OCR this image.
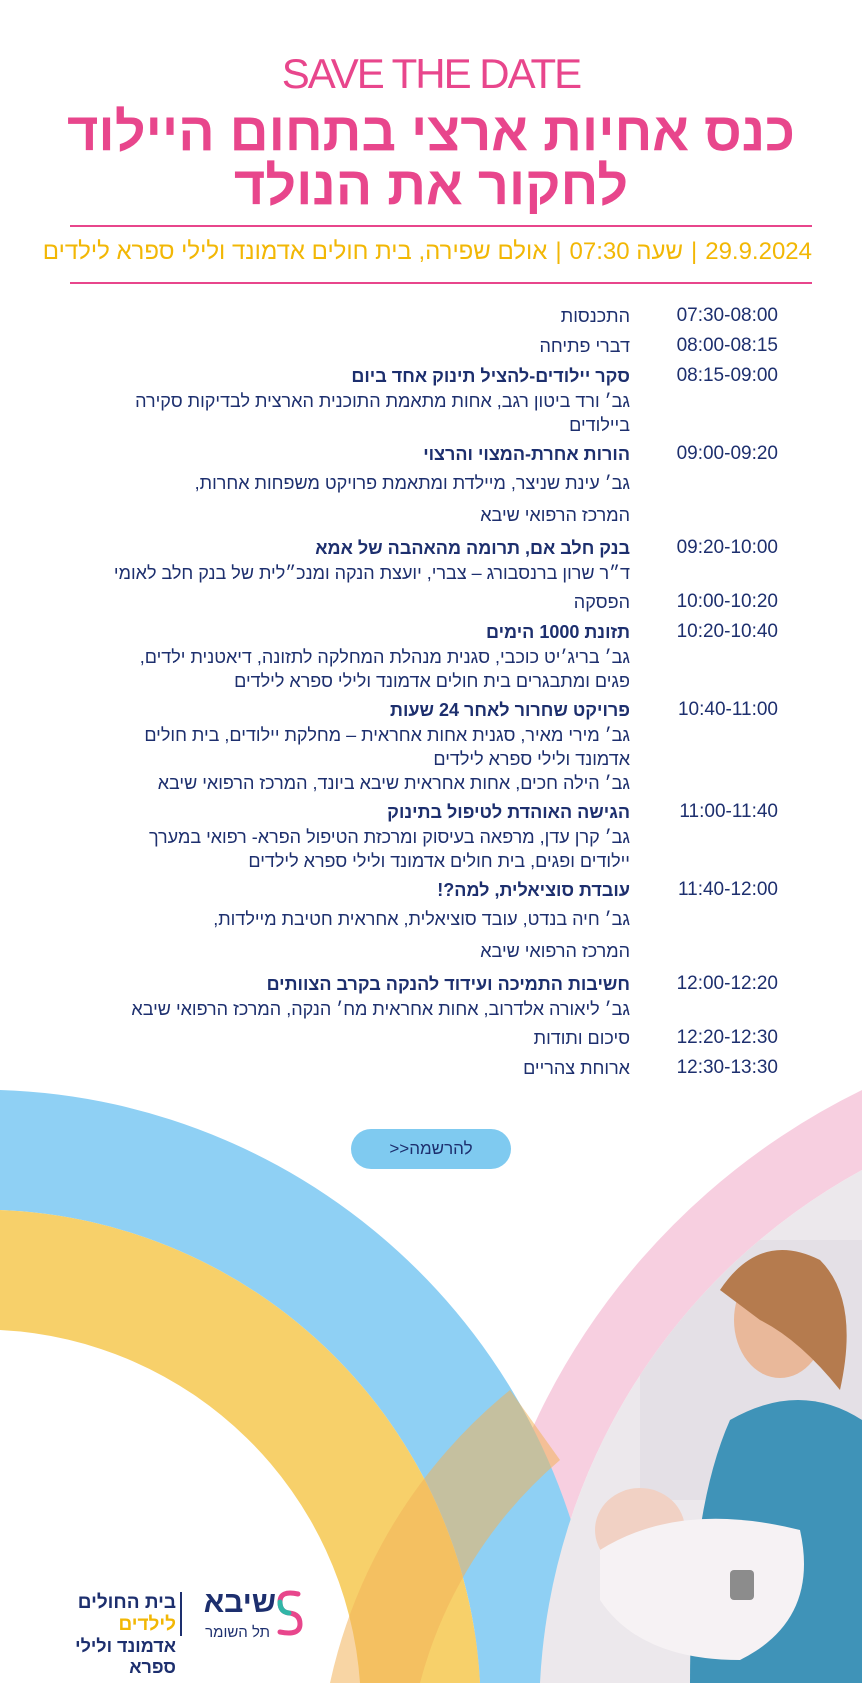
SAVE THE DATE
כנס אחיות ארצי בתחום היילוד
לחקור את הנולד
29.9.2024|שעה 07:30|אולם שפירה, בית חולים אדמונד ולילי ספרא לילדים
07:30-08:00
התכנסות
08:00-08:15
דברי פתיחה
08:15-09:00
סקר יילודים-להציל תינוק אחד ביום
גב׳ ורד ביטון רגב, אחות מתאמת התוכנית הארצית לבדיקות סקירה
ביילודים
09:00-09:20
הורות אחרת-המצוי והרצוי
גב׳ עינת שניצר, מיילדת ומתאמת פרויקט משפחות אחרות,
המרכז הרפואי שיבא
09:20-10:00
בנק חלב אם, תרומה מהאהבה של אמא
ד״ר שרון ברנסבורג – צברי, יועצת הנקה ומנכ״לית של בנק חלב לאומי
10:00-10:20
הפסקה
10:20-10:40
תזונת 1000 הימים
גב׳ בריג׳יט כוכבי, סגנית מנהלת המחלקה לתזונה, דיאטנית ילדים,
פגים ומתבגרים בית חולים אדמונד ולילי ספרא לילדים
10:40-11:00
פרויקט שחרור לאחר 24 שעות
גב׳ מירי מאיר, סגנית אחות אחראית – מחלקת יילודים, בית חולים
אדמונד ולילי ספרא לילדים
גב׳ הילה חכים, אחות אחראית שיבא ביונד, המרכז הרפואי שיבא
11:00-11:40
הגישה האוהדת לטיפול בתינוק
גב׳ קרן עדן, מרפאה בעיסוק ומרכזת הטיפול הפרא- רפואי במערך
יילודים ופגים, בית חולים אדמונד ולילי ספרא לילדים
11:40-12:00
עובדת סוציאלית, למה?!
גב׳ חיה בנדט, עובד סוציאלית, אחראית חטיבת מיילדות,
המרכז הרפואי שיבא
12:00-12:20
חשיבות התמיכה ועידוד להנקה בקרב הצוותים
גב׳ ליאורה אלדרוב, אחות אחראית מח׳ הנקה, המרכז הרפואי שיבא
12:20-12:30
סיכום ותודות
12:30-13:30
ארוחת צהריים
להרשמה<<
שיבא
תל השומר
בית החולים לילדים
אדמונד ולילי ספרא
